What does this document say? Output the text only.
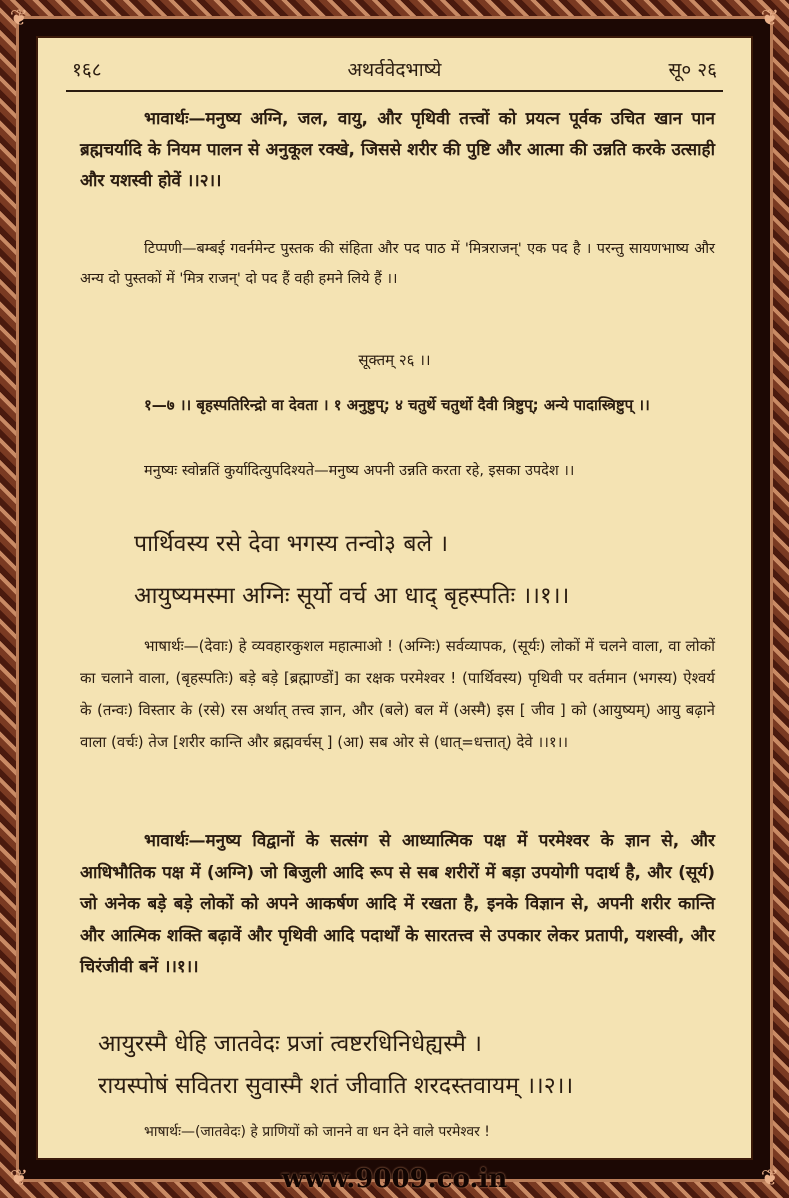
❦	❦
❦	❦
१६८	अथर्ववेदभाष्ये	सू० २६
भावार्थः—मनुष्य अग्नि, जल, वायु, और पृथिवी तत्त्वों को प्रयत्न पूर्वक उचित खान पान ब्रह्मचर्यादि के नियम पालन से अनुकूल रक्खे, जिससे शरीर की पुष्टि और आत्मा की उन्नति करके उत्साही और यशस्वी होवें ।।२।।
टिप्पणी—बम्बई गवर्नमेन्ट पुस्तक की संहिता और पद पाठ में 'मित्रराजन्' एक पद है । परन्तु सायणभाष्य और अन्य दो पुस्तकों में 'मित्र राजन्' दो पद हैं वही हमने लिये हैं ।।
सूक्तम् २६ ।।
१—७ ।। बृहस्पतिरिन्द्रो वा देवता । १ अनुष्टुप्; ४ चतुर्थे चतुर्थो दैवी त्रिष्टुप्; अन्ये पादास्त्रिष्टुप् ।।
मनुष्यः स्वोन्नतिं कुर्यादित्युपदिश्यते—मनुष्य अपनी उन्नति करता रहे, इसका उपदेश ।।
पार्थिवस्य रसे देवा भगस्य तन्वो३ बले ।
आयुष्यमस्मा अग्निः सूर्यो वर्च आ धाद् बृहस्पतिः ।।१।।
भाषार्थः—(देवाः) हे व्यवहारकुशल महात्माओ ! (अग्निः) सर्वव्यापक, (सूर्यः) लोकों में चलने वाला, वा लोकों का चलाने वाला, (बृहस्पतिः) बड़े बड़े [ब्रह्माण्डों] का रक्षक परमेश्वर ! (पार्थिवस्य) पृथिवी पर वर्तमान (भगस्य) ऐश्वर्य के (तन्वः) विस्तार के (रसे) रस अर्थात् तत्त्व ज्ञान, और (बले) बल में (अस्मै) इस [ जीव ] को (आयुष्यम्) आयु बढ़ाने वाला (वर्चः) तेज [शरीर कान्ति और ब्रह्मवर्चस् ] (आ) सब ओर से (धात्=धत्तात्) देवे ।।१।।
भावार्थः—मनुष्य विद्वानों के सत्संग से आध्यात्मिक पक्ष में परमेश्वर के ज्ञान से, और आधिभौतिक पक्ष में (अग्नि) जो बिजुली आदि रूप से सब शरीरों में बड़ा उपयोगी पदार्थ है, और (सूर्य) जो अनेक बड़े बड़े लोकों को अपने आकर्षण आदि में रखता है, इनके विज्ञान से, अपनी शरीर कान्ति और आत्मिक शक्ति बढ़ावें और पृथिवी आदि पदार्थों के सारतत्त्व से उपकार लेकर प्रतापी, यशस्वी, और चिरंजीवी बनें ।।१।।
आयुरस्मै धेहि जातवेदः प्रजां त्वष्टरधिनिधेह्यस्मै ।
रायस्पोषं सवितरा सुवास्मै शतं जीवाति शरदस्तवायम् ।।२।।
भाषार्थः—(जातवेदः) हे प्राणियों को जानने वा धन देने वाले परमेश्वर !
www.9009.co.in
